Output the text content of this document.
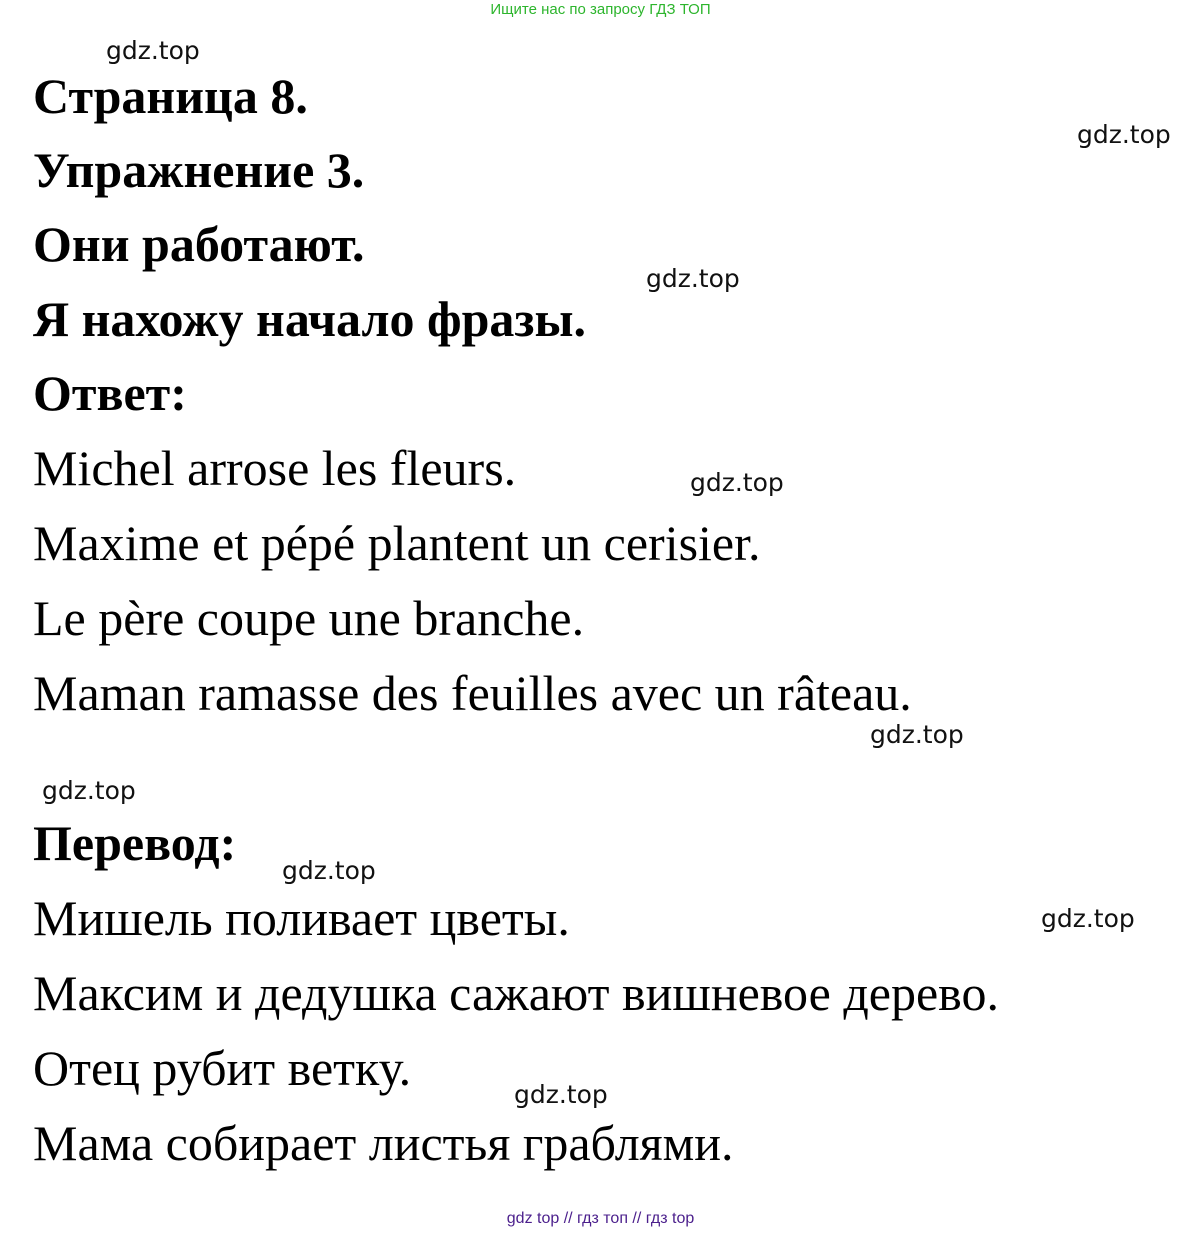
Ищите нас по запросу ГДЗ ТОП
Страница 8.
Упражнение 3.
Они работают.
Я нахожу начало фразы.
Ответ:
Michel arrose les fleurs.
Maxime et pépé plantent un cerisier.
Le père coupe une branche.
Maman ramasse des feuilles avec un râteau.
Перевод:
Мишель поливает цветы.
Максим и дедушка сажают вишневое дерево.
Отец рубит ветку.
Мама собирает листья граблями.
gdz.top
gdz.top
gdz.top
gdz.top
gdz.top
gdz.top
gdz.top
gdz.top
gdz.top
gdz top // гдз топ // гдз top
